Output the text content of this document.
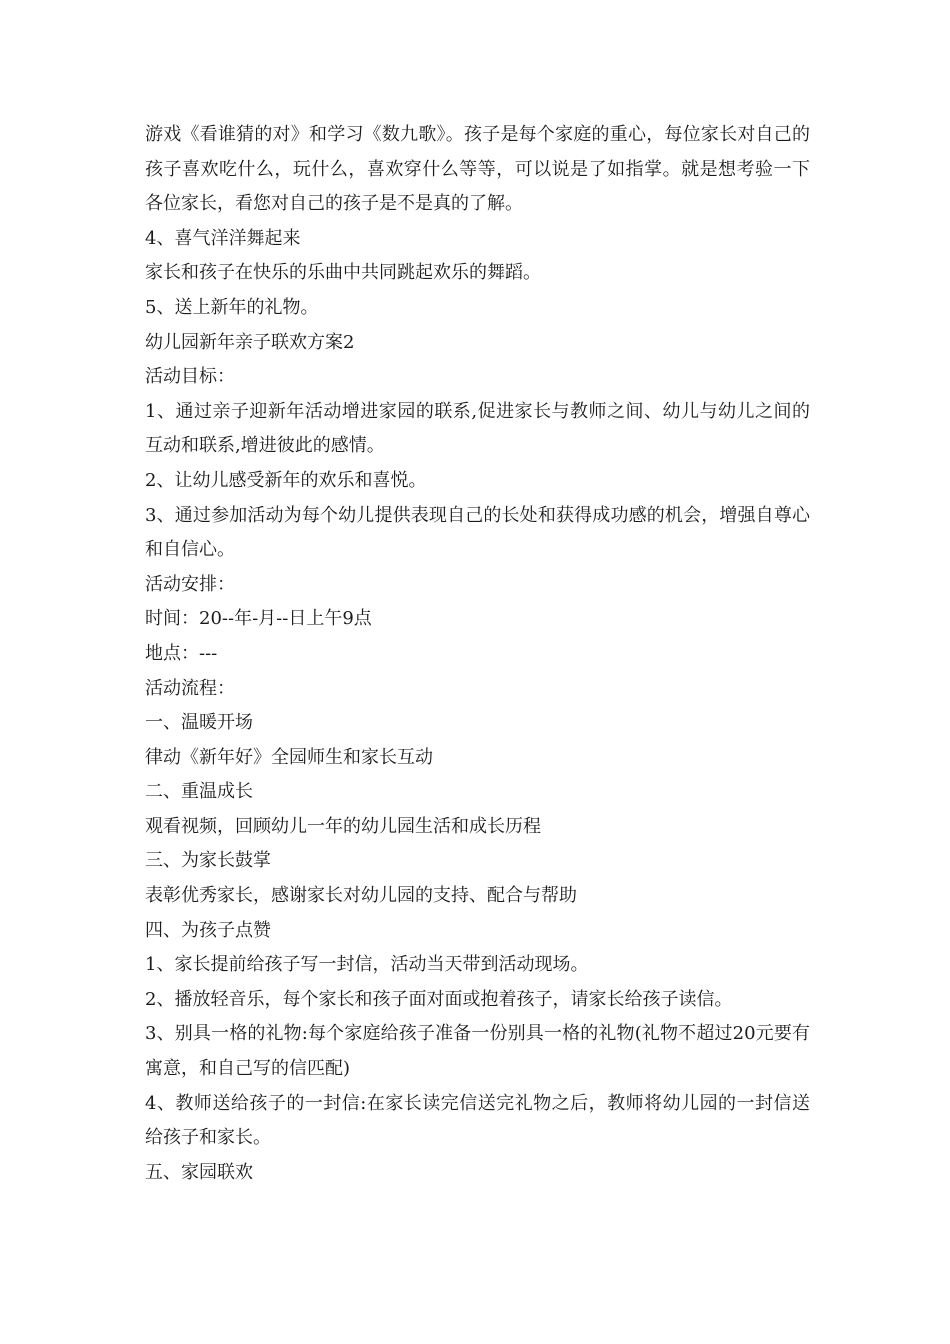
游戏《看谁猜的对》和学习《数九歌》。孩子是每个家庭的重心，每位家长对自己的孩子喜欢吃什么，玩什么，喜欢穿什么等等，可以说是了如指掌。就是想考验一下各位家长，看您对自己的孩子是不是真的了解。

4、喜气洋洋舞起来

家长和孩子在快乐的乐曲中共同跳起欢乐的舞蹈。

5、送上新年的礼物。

幼儿园新年亲子联欢方案2

活动目标：

1、通过亲子迎新年活动增进家园的联系,促进家长与教师之间、幼儿与幼儿之间的互动和联系,增进彼此的感情。

2、让幼儿感受新年的欢乐和喜悦。

3、通过参加活动为每个幼儿提供表现自己的长处和获得成功感的机会，增强自尊心和自信心。

活动安排：

时间：20--年-月--日上午9点

地点：---

活动流程：

一、温暖开场

律动《新年好》全园师生和家长互动

二、重温成长

观看视频，回顾幼儿一年的幼儿园生活和成长历程

三、为家长鼓掌

表彰优秀家长，感谢家长对幼儿园的支持、配合与帮助

四、为孩子点赞

1、家长提前给孩子写一封信，活动当天带到活动现场。

2、播放轻音乐，每个家长和孩子面对面或抱着孩子，请家长给孩子读信。

3、别具一格的礼物:每个家庭给孩子准备一份别具一格的礼物(礼物不超过20元要有寓意，和自己写的信匹配)

4、教师送给孩子的一封信:在家长读完信送完礼物之后，教师将幼儿园的一封信送给孩子和家长。

五、家园联欢
